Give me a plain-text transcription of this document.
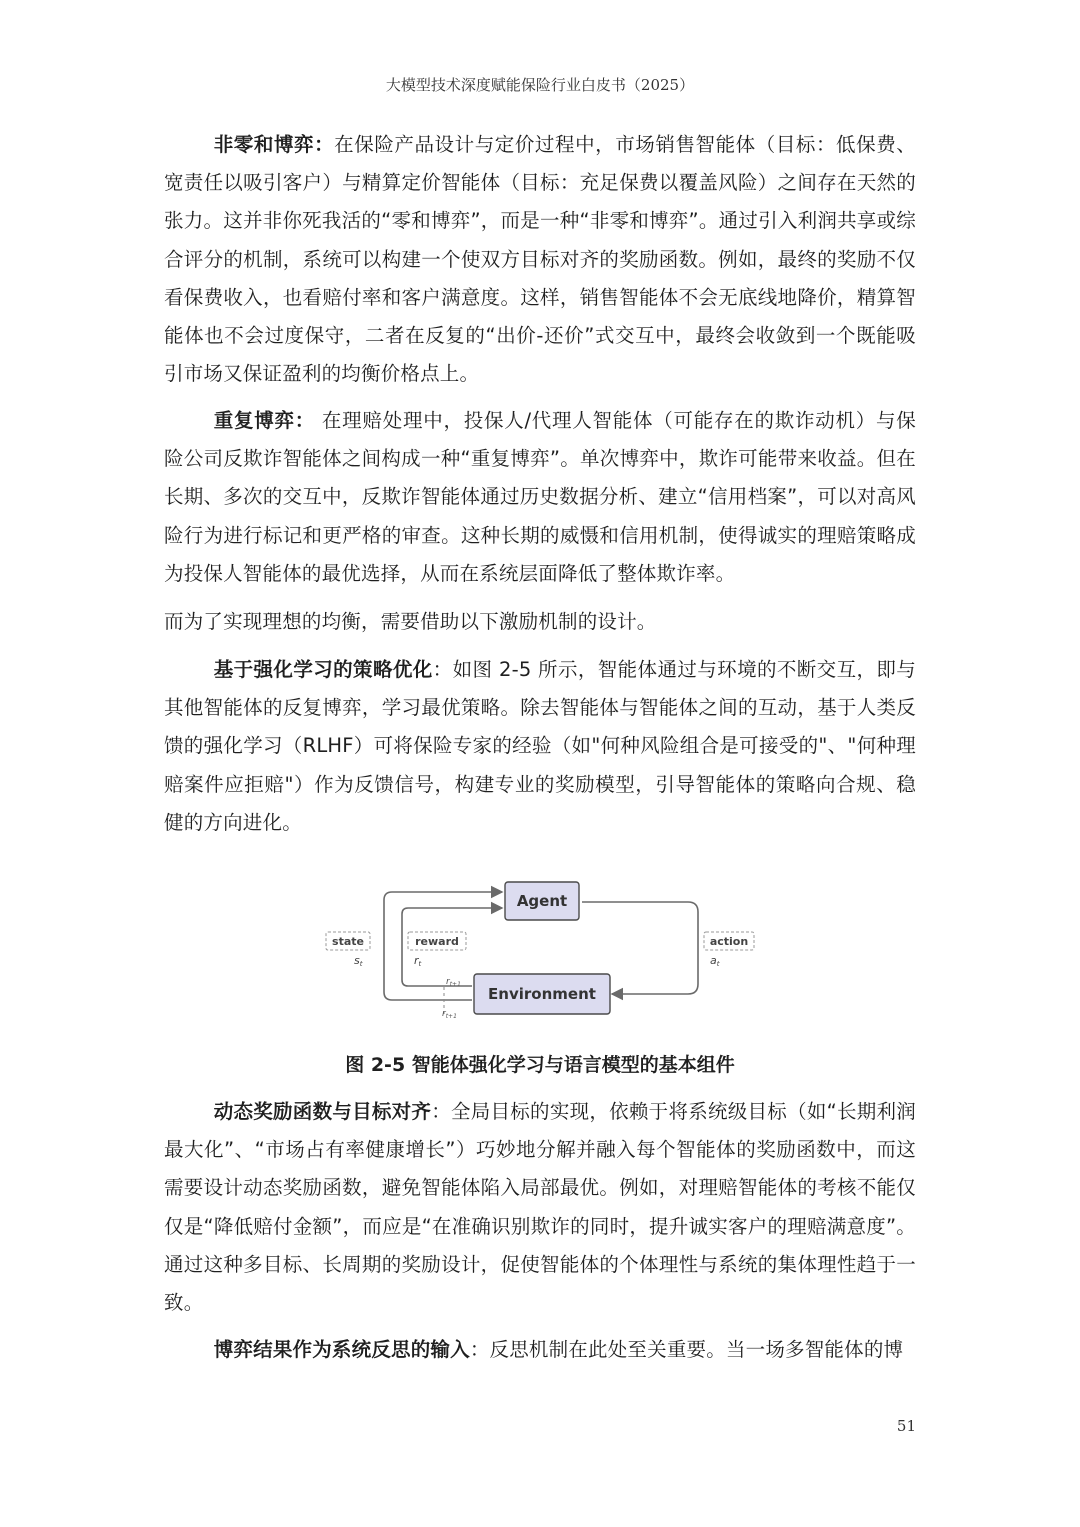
大模型技术深度赋能保险行业白皮书（2025）

非零和博弈：在保险产品设计与定价过程中，市场销售智能体（目标：低保费、宽责任以吸引客户）与精算定价智能体（目标：充足保费以覆盖风险）之间存在天然的张力。这并非你死我活的“零和博弈”，而是一种“非零和博弈”。通过引入利润共享或综合评分的机制，系统可以构建一个使双方目标对齐的奖励函数。例如，最终的奖励不仅看保费收入，也看赔付率和客户满意度。这样，销售智能体不会无底线地降价，精算智能体也不会过度保守，二者在反复的“出价-还价”式交互中，最终会收敛到一个既能吸引市场又保证盈利的均衡价格点上。

重复博弈： 在理赔处理中，投保人/代理人智能体（可能存在的欺诈动机）与保险公司反欺诈智能体之间构成一种“重复博弈”。单次博弈中，欺诈可能带来收益。但在长期、多次的交互中，反欺诈智能体通过历史数据分析、建立“信用档案”，可以对高风险行为进行标记和更严格的审查。这种长期的威慑和信用机制，使得诚实的理赔策略成为投保人智能体的最优选择，从而在系统层面降低了整体欺诈率。

而为了实现理想的均衡，需要借助以下激励机制的设计。

基于强化学习的策略优化：如图 2-5 所示，智能体通过与环境的不断交互，即与其他智能体的反复博弈，学习最优策略。除去智能体与智能体之间的互动，基于人类反馈的强化学习（RLHF）可将保险专家的经验（如"何种风险组合是可接受的"、"何种理赔案件应拒赔"）作为反馈信号，构建专业的奖励模型，引导智能体的策略向合规、稳健的方向进化。

Agent
Environment
state
st
reward
rt
action
at
$r_{t+1}$
$r_{t+1}$
图 2-5 智能体强化学习与语言模型的基本组件

动态奖励函数与目标对齐：全局目标的实现，依赖于将系统级目标（如“长期利润最大化”、“市场占有率健康增长”）巧妙地分解并融入每个智能体的奖励函数中，而这需要设计动态奖励函数，避免智能体陷入局部最优。例如，对理赔智能体的考核不能仅仅是“降低赔付金额”，而应是“在准确识别欺诈的同时，提升诚实客户的理赔满意度”。通过这种多目标、长周期的奖励设计，促使智能体的个体理性与系统的集体理性趋于一致。

博弈结果作为系统反思的输入：反思机制在此处至关重要。当一场多智能体的博

51
